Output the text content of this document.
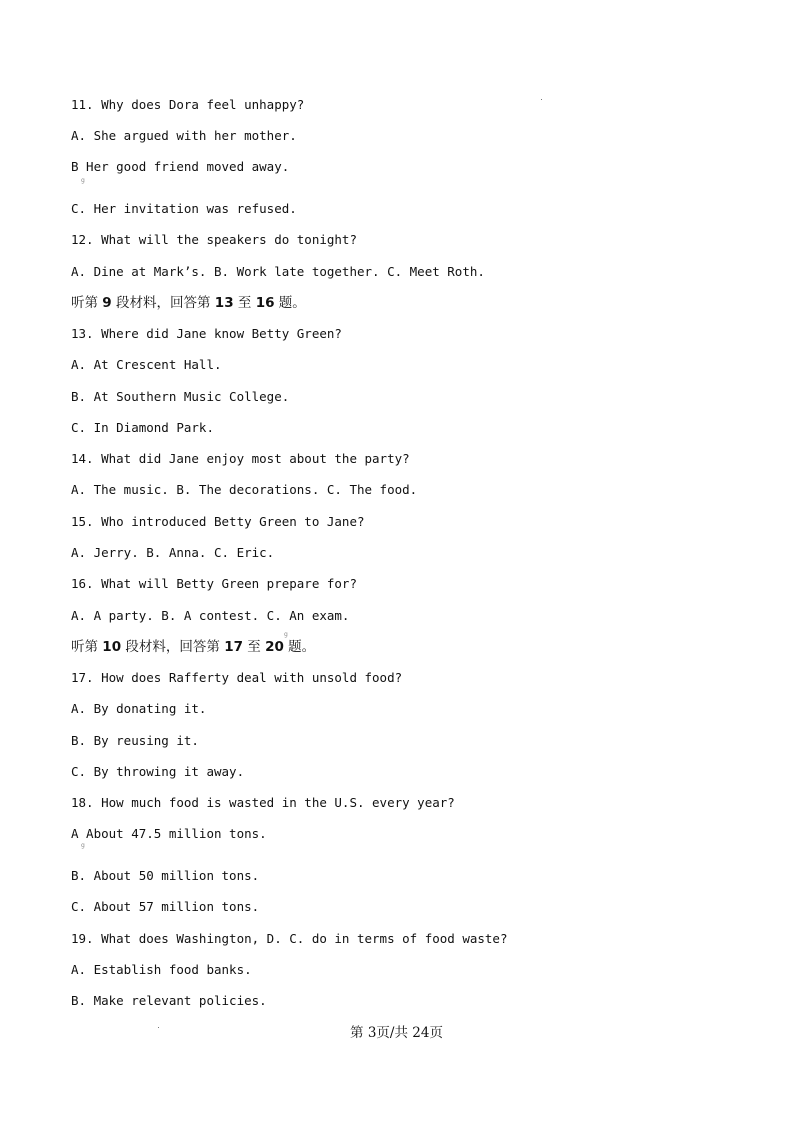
11. Why does Dora feel unhappy?
A. She argued with her mother.
B Her good friend moved away.
g
C. Her invitation was refused.
12. What will the speakers do tonight?
A. Dine at Mark’s. B. Work late together. C. Meet Roth.
听第 9 段材料，回答第 13 至 16 题。
13. Where did Jane know Betty Green?
A. At Crescent Hall.
B. At Southern Music College.
C. In Diamond Park.
14. What did Jane enjoy most about the party?
A. The music. B. The decorations. C. The food.
15. Who introduced Betty Green to Jane?
A. Jerry. B. Anna. C. Eric.
16. What will Betty Green prepare for?
A. A party. B. A contest. C. An exam.
g
听第 10 段材料，回答第 17 至 20 题。
17. How does Rafferty deal with unsold food?
A. By donating it.
B. By reusing it.
C. By throwing it away.
18. How much food is wasted in the U.S. every year?
A About 47.5 million tons.
g
B. About 50 million tons.
C. About 57 million tons.
19. What does Washington, D. C. do in terms of food waste?
A. Establish food banks.
B. Make relevant policies.
第 3页/共 24页
